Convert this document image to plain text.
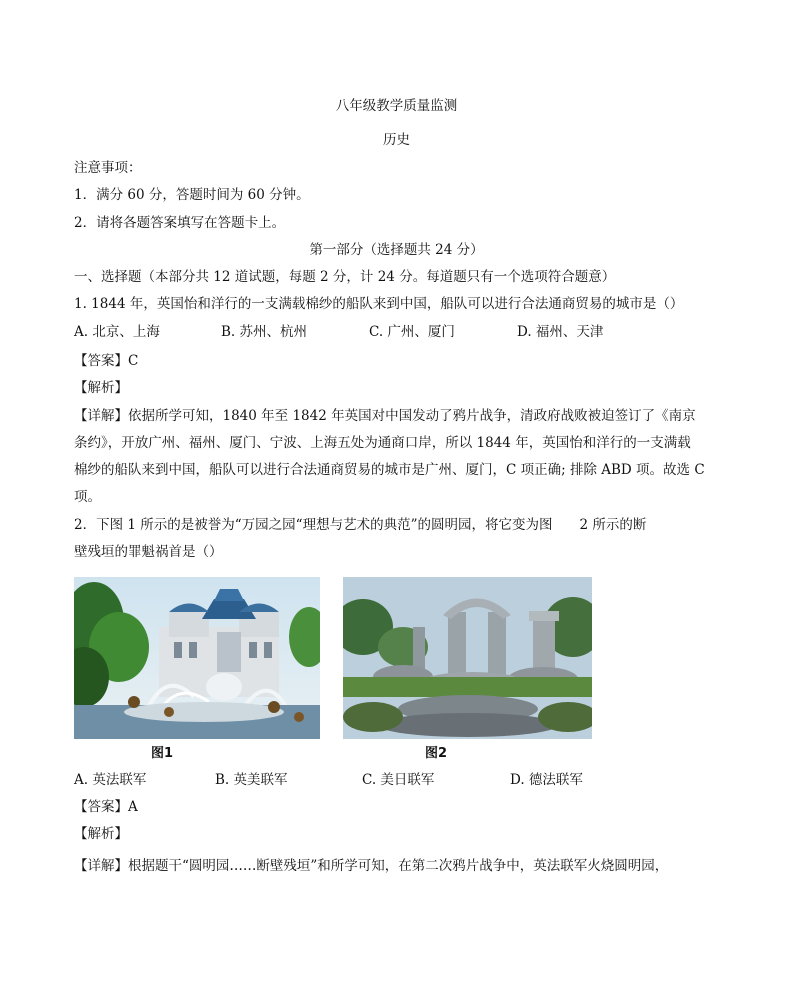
八年级教学质量监测
历史
注意事项：
1．满分 60 分，答题时间为 60 分钟。
2．请将各题答案填写在答题卡上。
第一部分（选择题共 24 分）
一、选择题（本部分共 12 道试题，每题 2 分，计 24 分。每道题只有一个选项符合题意）
1. 1844 年，英国怡和洋行的一支满载棉纱的船队来到中国，船队可以进行合法通商贸易的城市是（）
A. 北京、上海	B. 苏州、杭州	C. 广州、厦门	D. 福州、天津
【答案】C
【解析】
【详解】依据所学可知，1840 年至 1842 年英国对中国发动了鸦片战争，清政府战败被迫签订了《南京
条约》，开放广州、福州、厦门、宁波、上海五处为通商口岸，所以 1844 年，英国怡和洋行的一支满载
棉纱的船队来到中国，船队可以进行合法通商贸易的城市是广州、厦门，C 项正确; 排除 ABD 项。故选 C
项。
2．下图 1 所示的是被誉为“万园之园“理想与艺术的典范”的圆明园，将它变为图　　2 所示的断
壁残垣的罪魁祸首是（）
图1	图2
A. 英法联军	B. 英美联军	C. 美日联军	D. 德法联军
【答案】A
【解析】
【详解】根据题干“圆明园……断壁残垣”和所学可知，在第二次鸦片战争中，英法联军火烧圆明园，
